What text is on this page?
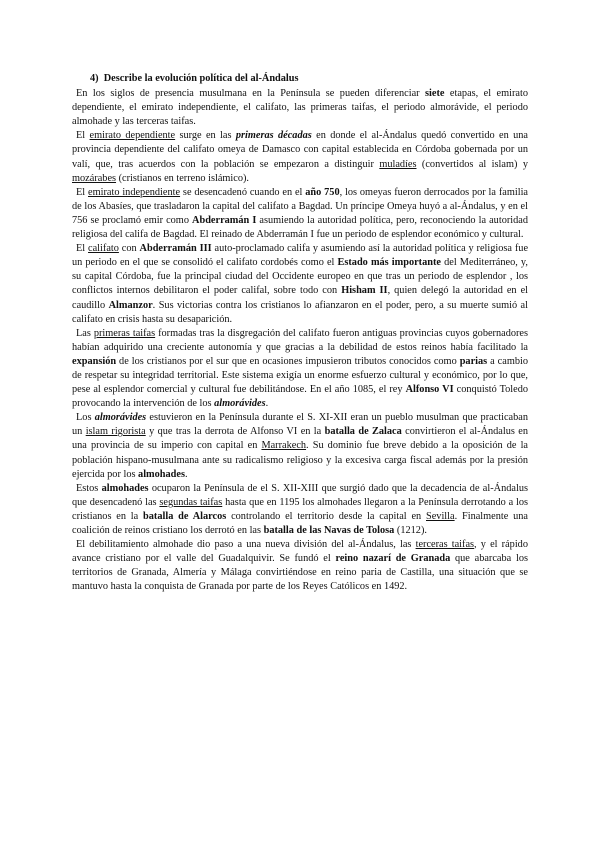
4)  Describe la evolución política del al-Ándalus

En los siglos de presencia musulmana en la Península se pueden diferenciar siete etapas, el emirato dependiente, el emirato independiente, el califato, las primeras taifas, el periodo almorávide, el periodo almohade y las terceras taifas.

El emirato dependiente surge en las primeras décadas en donde el al-Ándalus quedó convertido en una provincia dependiente del califato omeya de Damasco con capital establecida en Córdoba gobernada por un valí, que, tras acuerdos con la población se empezaron a distinguir muladíes (convertidos al islam) y mozárabes (cristianos en terreno islámico).

El emirato independiente se desencadenó cuando en el año 750, los omeyas fueron derrocados por la familia de los Abasíes, que trasladaron la capital del califato a Bagdad. Un príncipe Omeya huyó a al-Ándalus, y en el 756 se proclamó emir como Abderramán I asumiendo la autoridad política, pero, reconociendo la autoridad religiosa del califa de Bagdad. El reinado de Abderramán I fue un periodo de esplendor económico y cultural.

El califato con Abderramán III auto-proclamado califa y asumiendo así la autoridad política y religiosa fue un periodo en el que se consolidó el califato cordobés como el Estado más importante del Mediterráneo, y, su capital Córdoba, fue la principal ciudad del Occidente europeo en que tras un periodo de esplendor , los conflictos internos debilitaron el poder califal, sobre todo con Hisham II, quien delegó la autoridad en el caudillo Almanzor. Sus victorias contra los cristianos lo afianzaron en el poder, pero, a su muerte sumió al califato en crisis hasta su desaparición.

Las primeras taifas formadas tras la disgregación del califato fueron antiguas provincias cuyos gobernadores habían adquirido una creciente autonomía y que gracias a la debilidad de estos reinos había facilitado la expansión de los cristianos por el sur que en ocasiones impusieron tributos conocidos como parias a cambio de respetar su integridad territorial. Este sistema exigía un enorme esfuerzo cultural y económico, por lo que, pese al esplendor comercial y cultural fue debilitándose. En el año 1085, el rey Alfonso VI conquistó Toledo provocando la intervención de los almorávides.

Los almorávides estuvieron en la Península durante el S. XI-XII eran un pueblo musulman que practicaban un islam rigorista y que tras la derrota de Alfonso VI en la batalla de Zalaca convirtieron el al-Ándalus en una provincia de su imperio con capital en Marrakech. Su dominio fue breve debido a la oposición de la población hispano-musulmana ante su radicalismo religioso y la excesiva carga fiscal además por la presión ejercida por los almohades.

Estos almohades ocuparon la Península de el S. XII-XIII que surgió dado que la decadencia de al-Ándalus que desencadenó las segundas taifas hasta que en 1195 los almohades llegaron a la Península derrotando a los cristianos en la batalla de Alarcos controlando el territorio desde la capital en Sevilla. Finalmente una coalición de reinos cristiano los derrotó en las batalla de las Navas de Tolosa (1212).

El debilitamiento almohade dio paso a una nueva división del al-Ándalus, las terceras taifas, y el rápido avance cristiano por el valle del Guadalquivir. Se fundó el reino nazarí de Granada que abarcaba los territorios de Granada, Almería y Málaga convirtiéndose en reino paria de Castilla, una situación que se mantuvo hasta la conquista de Granada por parte de los Reyes Católicos en 1492.
